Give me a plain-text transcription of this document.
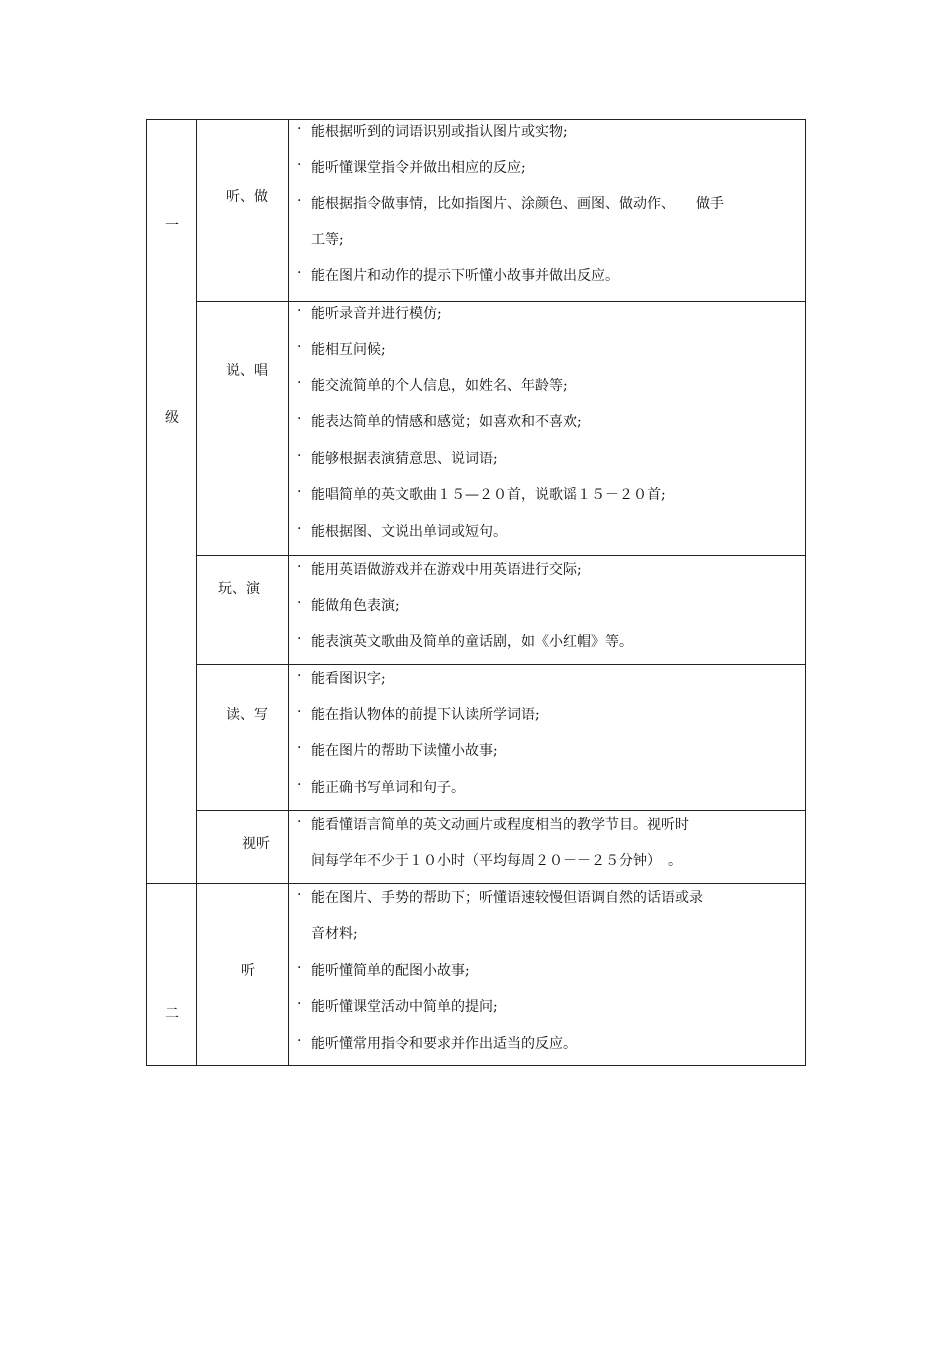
一
级
二
听、做
说、唱
玩、演
读、写
视听
听
· 能根据听到的词语识别或指认图片或实物;
· 能听懂课堂指令并做出相应的反应;
· 能根据指令做事情，比如指图片、涂颜色、画图、做动作、　　做手
工等;
· 能在图片和动作的提示下听懂小故事并做出反应。
· 能听录音并进行模仿;
· 能相互问候;
· 能交流简单的个人信息，如姓名、年龄等;
· 能表达简单的情感和感觉；如喜欢和不喜欢;
· 能够根据表演猜意思、说词语;
· 能唱简单的英文歌曲１５—２０首，说歌谣１５－２０首;
· 能根据图、文说出单词或短句。
· 能用英语做游戏并在游戏中用英语进行交际;
· 能做角色表演;
· 能表演英文歌曲及简单的童话剧，如《小红帽》等。
· 能看图识字;
· 能在指认物体的前提下认读所学词语;
· 能在图片的帮助下读懂小故事;
· 能正确书写单词和句子。
· 能看懂语言简单的英文动画片或程度相当的教学节目。视听时
间每学年不少于１０小时（平均每周２０－－２５分钟）　。
· 能在图片、手势的帮助下；听懂语速较慢但语调自然的话语或录
音材料;
· 能听懂简单的配图小故事;
· 能听懂课堂活动中简单的提问;
· 能听懂常用指令和要求并作出适当的反应。
